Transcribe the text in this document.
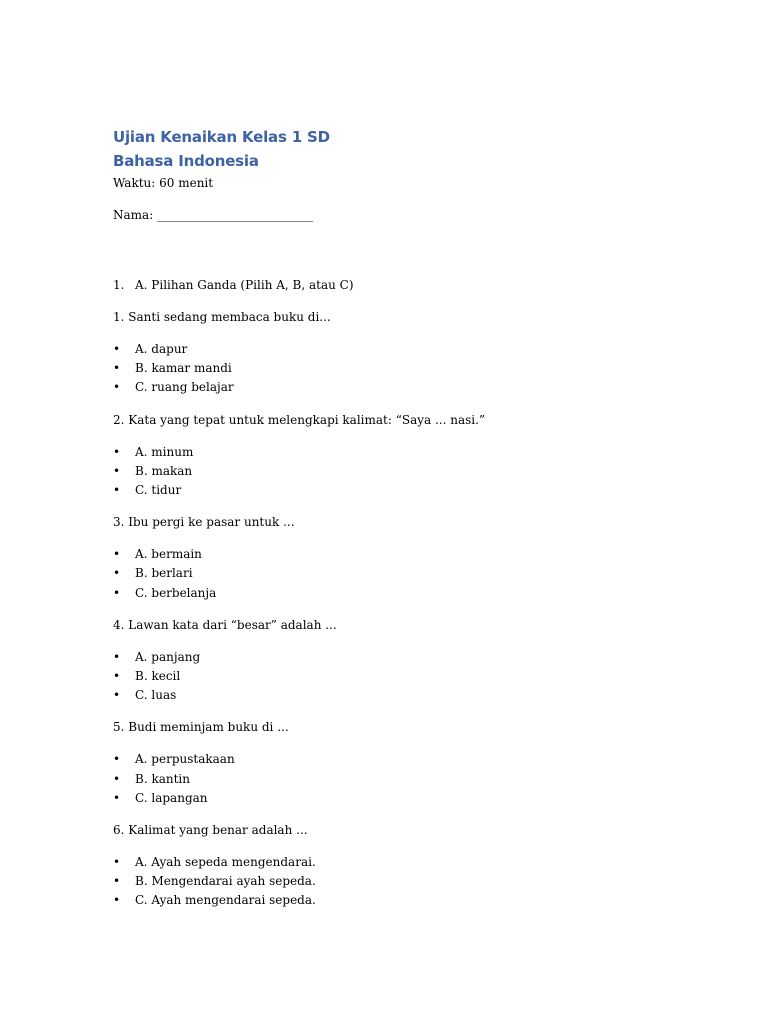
Ujian Kenaikan Kelas 1 SD
Bahasa Indonesia

Waktu: 60 menit

Nama: __________________________

1. A. Pilihan Ganda (Pilih A, B, atau C)

1. Santi sedang membaca buku di...

• A. dapur
• B. kamar mandi
• C. ruang belajar

2. Kata yang tepat untuk melengkapi kalimat: “Saya ... nasi.”

• A. minum
• B. makan
• C. tidur

3. Ibu pergi ke pasar untuk ...

• A. bermain
• B. berlari
• C. berbelanja

4. Lawan kata dari “besar” adalah ...

• A. panjang
• B. kecil
• C. luas

5. Budi meminjam buku di ...

• A. perpustakaan
• B. kantin
• C. lapangan

6. Kalimat yang benar adalah ...

• A. Ayah sepeda mengendarai.
• B. Mengendarai ayah sepeda.
• C. Ayah mengendarai sepeda.
